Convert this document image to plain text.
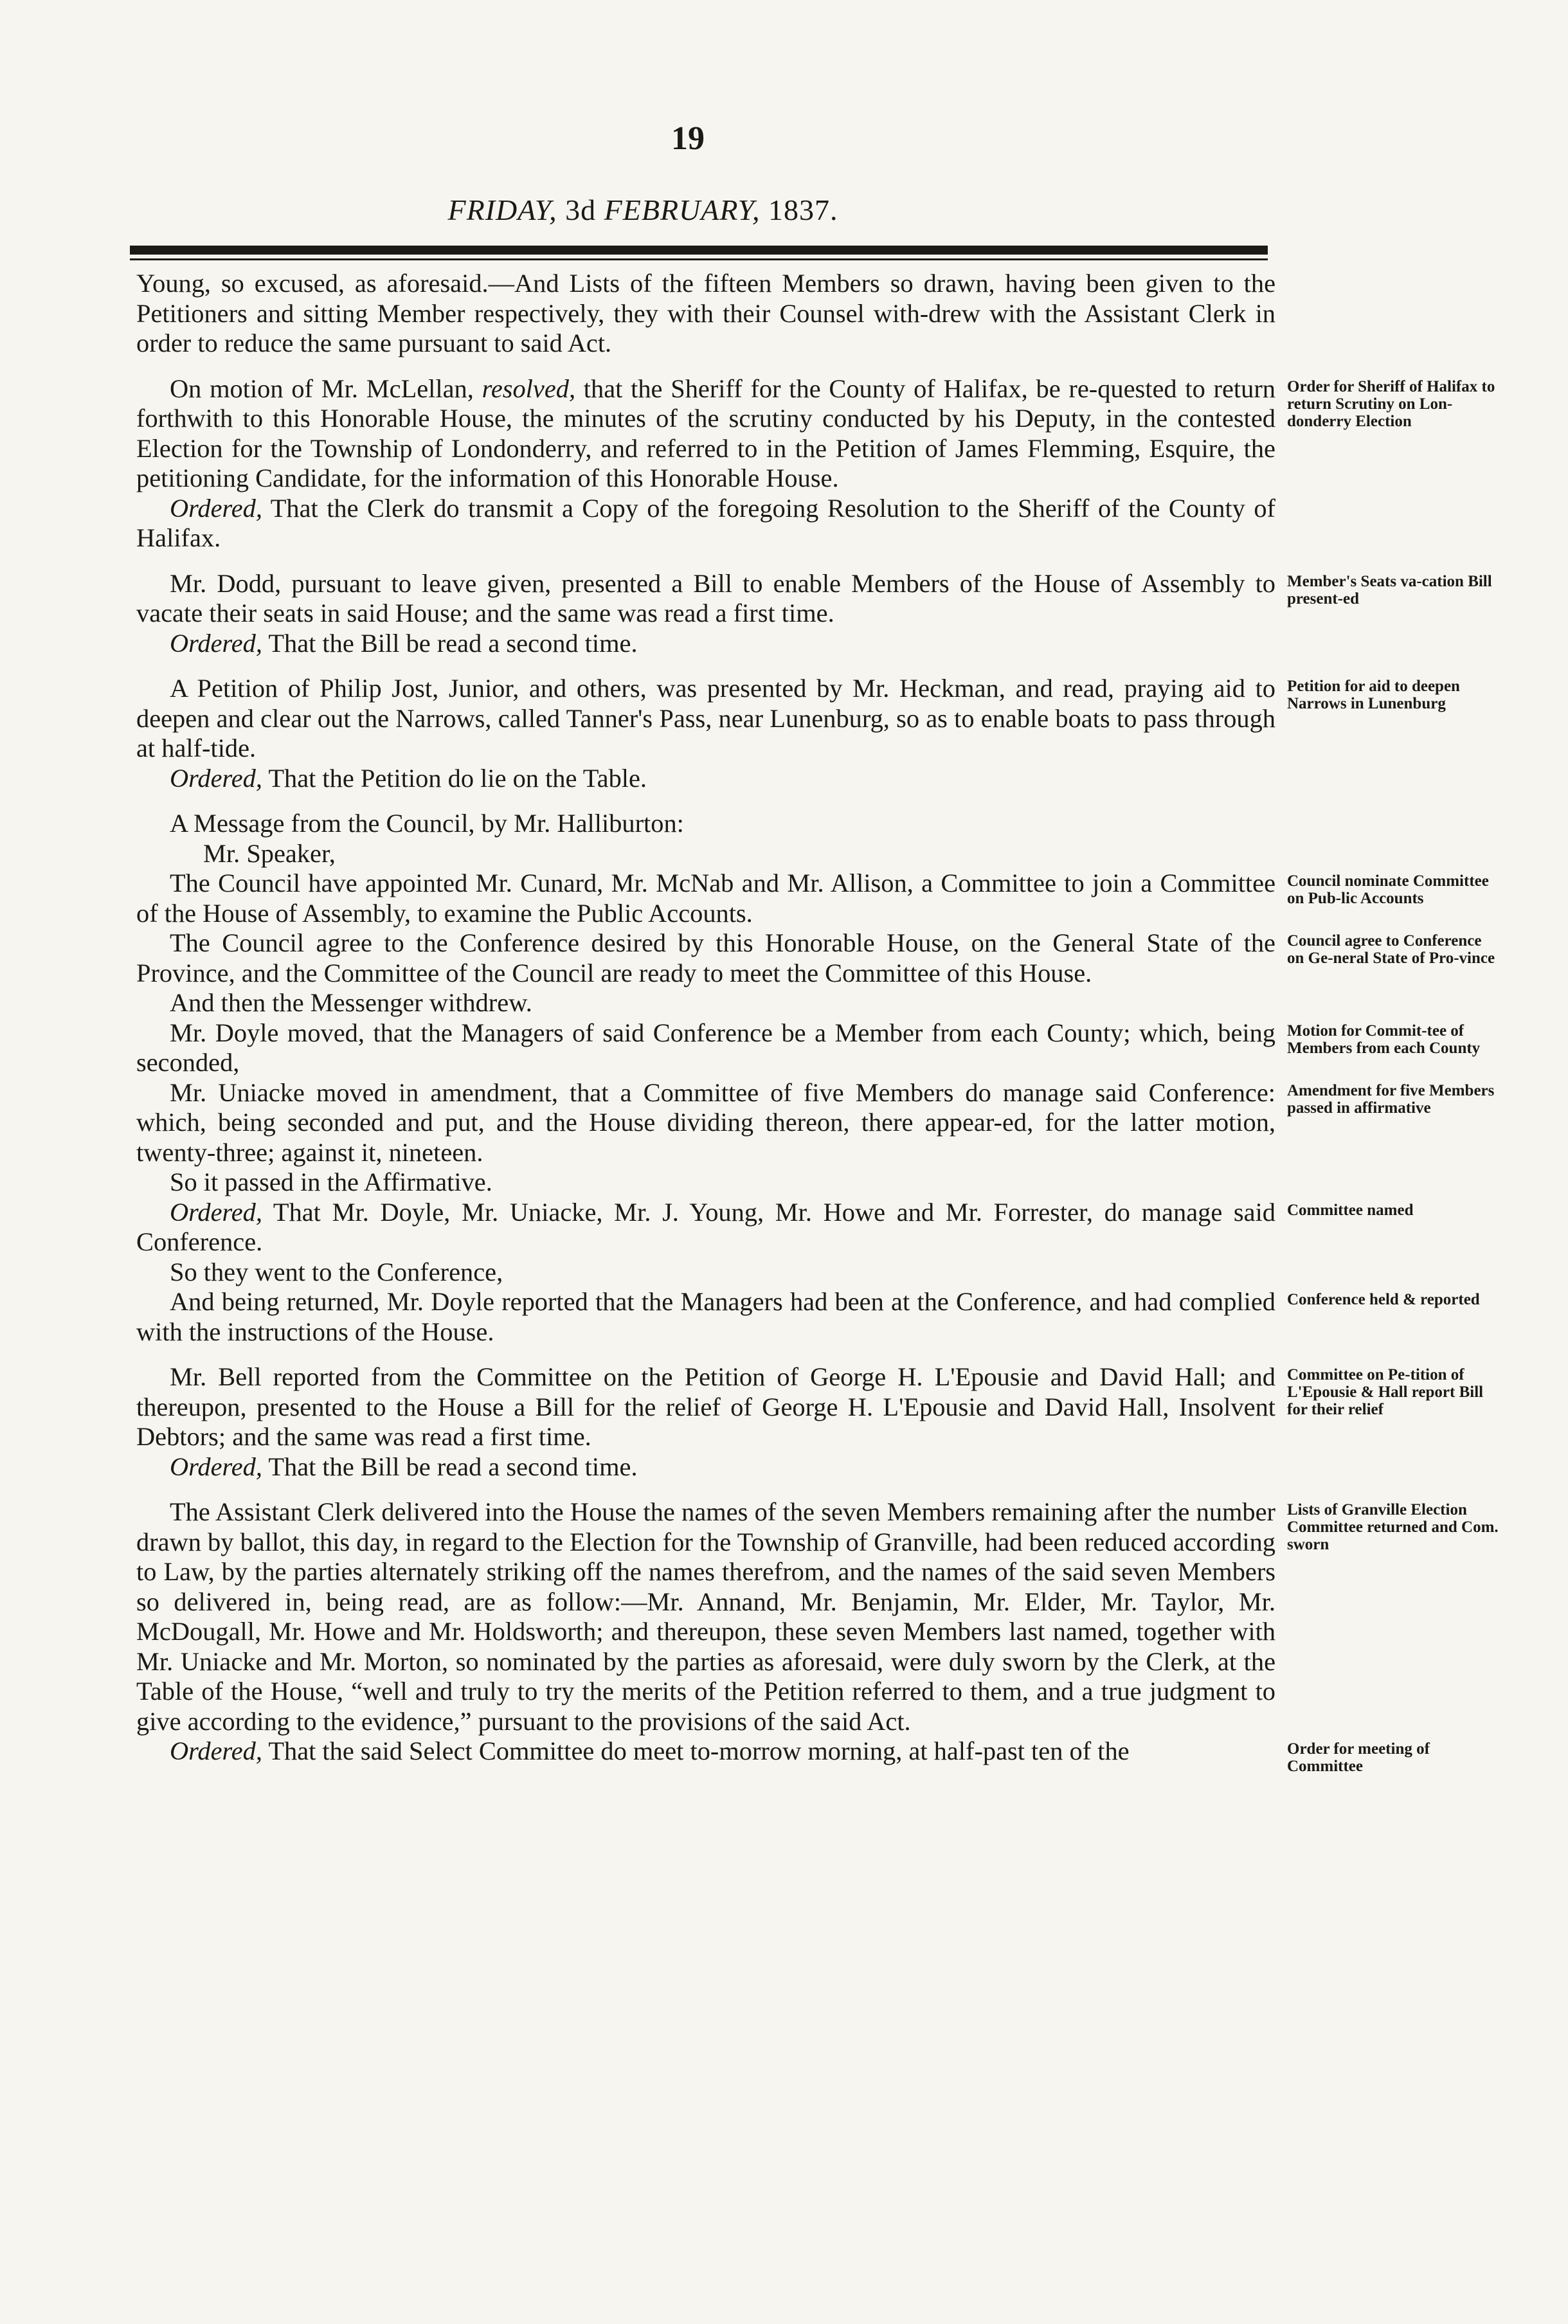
19
FRIDAY, 3d FEBRUARY, 1837.
Young, so excused, as aforesaid.—And Lists of the fifteen Members so drawn, having been given to the Petitioners and sitting Member respectively, they with their Counsel with-drew with the Assistant Clerk in order to reduce the same pursuant to said Act.
On motion of Mr. McLellan, resolved, that the Sheriff for the County of Halifax, be re-quested to return forthwith to this Honorable House, the minutes of the scrutiny conducted by his Deputy, in the contested Election for the Township of Londonderry, and referred to in the Petition of James Flemming, Esquire, the petitioning Candidate, for the information of this Honorable House.
Order for Sheriff of Halifax to return Scrutiny on Lon-donderry Election
Ordered, That the Clerk do transmit a Copy of the foregoing Resolution to the Sheriff of the County of Halifax.
Mr. Dodd, pursuant to leave given, presented a Bill to enable Members of the House of Assembly to vacate their seats in said House; and the same was read a first time.
Member's Seats va-cation Bill present-ed
Ordered, That the Bill be read a second time.
A Petition of Philip Jost, Junior, and others, was presented by Mr. Heckman, and read, praying aid to deepen and clear out the Narrows, called Tanner's Pass, near Lunenburg, so as to enable boats to pass through at half-tide.
Petition for aid to deepen Narrows in Lunenburg
Ordered, That the Petition do lie on the Table.
A Message from the Council, by Mr. Halliburton:
Mr. Speaker,
The Council have appointed Mr. Cunard, Mr. McNab and Mr. Allison, a Committee to join a Committee of the House of Assembly, to examine the Public Accounts.
Council nominate Committee on Pub-lic Accounts
The Council agree to the Conference desired by this Honorable House, on the General State of the Province, and the Committee of the Council are ready to meet the Committee of this House.
Council agree to Conference on Ge-neral State of Pro-vince
And then the Messenger withdrew.
Mr. Doyle moved, that the Managers of said Conference be a Member from each County; which, being seconded,
Motion for Commit-tee of Members from each County
Mr. Uniacke moved in amendment, that a Committee of five Members do manage said Conference: which, being seconded and put, and the House dividing thereon, there appear-ed, for the latter motion, twenty-three; against it, nineteen.
Amendment for five Members passed in affirmative
So it passed in the Affirmative.
Ordered, That Mr. Doyle, Mr. Uniacke, Mr. J. Young, Mr. Howe and Mr. Forrester, do manage said Conference.
Committee named
So they went to the Conference,
And being returned, Mr. Doyle reported that the Managers had been at the Conference, and had complied with the instructions of the House.
Conference held & reported
Mr. Bell reported from the Committee on the Petition of George H. L'Epousie and David Hall; and thereupon, presented to the House a Bill for the relief of George H. L'Epousie and David Hall, Insolvent Debtors; and the same was read a first time.
Committee on Pe-tition of L'Epousie & Hall report Bill for their relief
Ordered, That the Bill be read a second time.
The Assistant Clerk delivered into the House the names of the seven Members remaining after the number drawn by ballot, this day, in regard to the Election for the Township of Granville, had been reduced according to Law, by the parties alternately striking off the names therefrom, and the names of the said seven Members so delivered in, being read, are as follow:—Mr. Annand, Mr. Benjamin, Mr. Elder, Mr. Taylor, Mr. McDougall, Mr. Howe and Mr. Holdsworth; and thereupon, these seven Members last named, together with Mr. Uniacke and Mr. Morton, so nominated by the parties as aforesaid, were duly sworn by the Clerk, at the Table of the House, “well and truly to try the merits of the Petition referred to them, and a true judgment to give according to the evidence,” pursuant to the provisions of the said Act.
Lists of Granville Election Committee returned and Com. sworn
Ordered, That the said Select Committee do meet to-morrow morning, at half-past ten of the	Order for meeting of Committee
